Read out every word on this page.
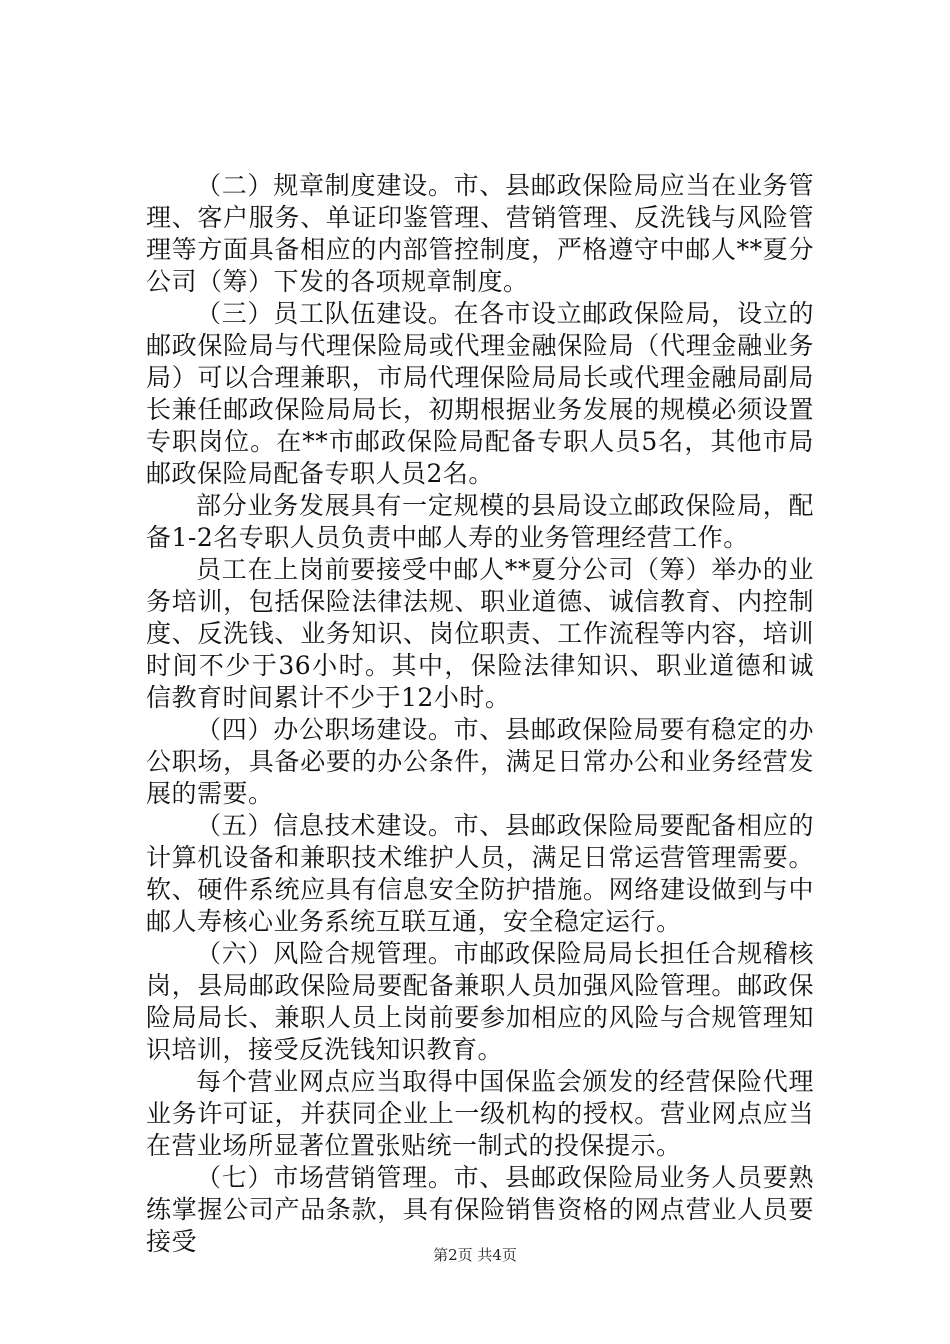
（二）规章制度建设。市、县邮政保险局应当在业务管理、客户服务、单证印鉴管理、营销管理、反洗钱与风险管理等方面具备相应的内部管控制度，严格遵守中邮人**夏分公司（筹）下发的各项规章制度。

（三）员工队伍建设。在各市设立邮政保险局，设立的邮政保险局与代理保险局或代理金融保险局（代理金融业务局）可以合理兼职，市局代理保险局局长或代理金融局副局长兼任邮政保险局局长，初期根据业务发展的规模必须设置专职岗位。在**市邮政保险局配备专职人员5名，其他市局邮政保险局配备专职人员2名。

部分业务发展具有一定规模的县局设立邮政保险局，配备1-2名专职人员负责中邮人寿的业务管理经营工作。

员工在上岗前要接受中邮人**夏分公司（筹）举办的业务培训，包括保险法律法规、职业道德、诚信教育、内控制度、反洗钱、业务知识、岗位职责、工作流程等内容，培训时间不少于36小时。其中，保险法律知识、职业道德和诚信教育时间累计不少于12小时。

（四）办公职场建设。市、县邮政保险局要有稳定的办公职场，具备必要的办公条件，满足日常办公和业务经营发展的需要。

（五）信息技术建设。市、县邮政保险局要配备相应的计算机设备和兼职技术维护人员，满足日常运营管理需要。软、硬件系统应具有信息安全防护措施。网络建设做到与中邮人寿核心业务系统互联互通，安全稳定运行。

（六）风险合规管理。市邮政保险局局长担任合规稽核岗，县局邮政保险局要配备兼职人员加强风险管理。邮政保险局局长、兼职人员上岗前要参加相应的风险与合规管理知识培训，接受反洗钱知识教育。

每个营业网点应当取得中国保监会颁发的经营保险代理业务许可证，并获同企业上一级机构的授权。营业网点应当在营业场所显著位置张贴统一制式的投保提示。

（七）市场营销管理。市、县邮政保险局业务人员要熟练掌握公司产品条款，具有保险销售资格的网点营业人员要接受	第2页 共4页
